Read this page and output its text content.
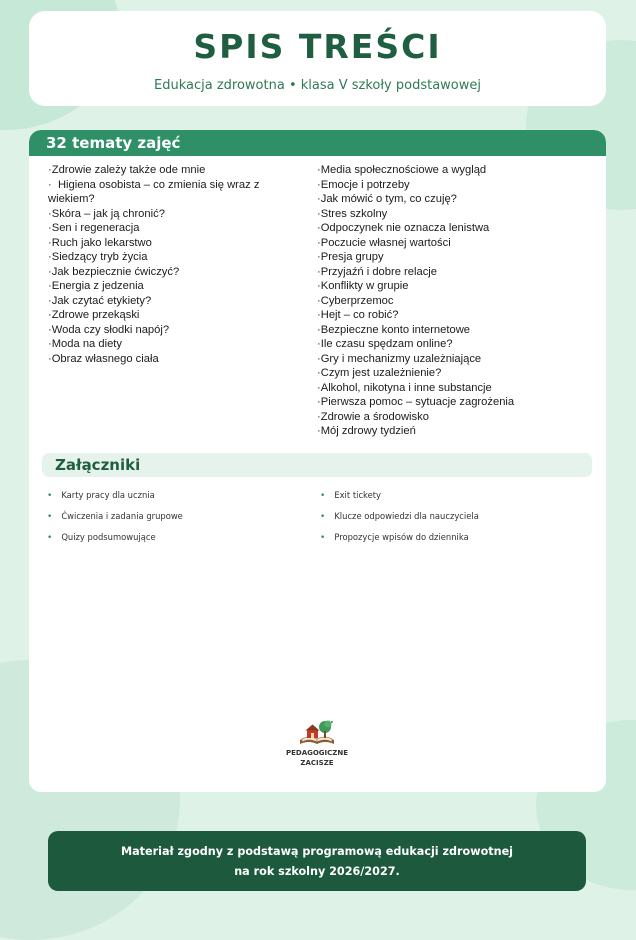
SPIS TREŚCI
Edukacja zdrowotna • klasa V szkoły podstawowej
32 tematy zajęć
· Zdrowie zależy także ode mnie
·   Higiena osobista – co zmienia się wraz z wiekiem?
· Skóra – jak ją chronić?
· Sen i regeneracja
· Ruch jako lekarstwo
· Siedzący tryb życia
· Jak bezpiecznie ćwiczyć?
· Energia z jedzenia
· Jak czytać etykiety?
· Zdrowe przekąski
· Woda czy słodki napój?
· Moda na diety
· Obraz własnego ciała
· Media społecznościowe a wygląd
· Emocje i potrzeby
· Jak mówić o tym, co czuję?
· Stres szkolny
· Odpoczynek nie oznacza lenistwa
· Poczucie własnej wartości
· Presja grupy
· Przyjaźń i dobre relacje
· Konflikty w grupie
· Cyberprzemoc
· Hejt – co robić?
· Bezpieczne konto internetowe
· Ile czasu spędzam online?
· Gry i mechanizmy uzależniające
· Czym jest uzależnienie?
· Alkohol, nikotyna i inne substancje
· Pierwsza pomoc – sytuacje zagrożenia
· Zdrowie a środowisko
· Mój zdrowy tydzień
Załączniki
• Karty pracy dla ucznia
• Ćwiczenia i zadania grupowe
• Quizy podsumowujące
• Exit tickety
• Klucze odpowiedzi dla nauczyciela
• Propozycje wpisów do dziennika
PEDAGOGICZNE
ZACISZE
Materiał zgodny z podstawą programową edukacji zdrowotnej
na rok szkolny 2026/2027.
